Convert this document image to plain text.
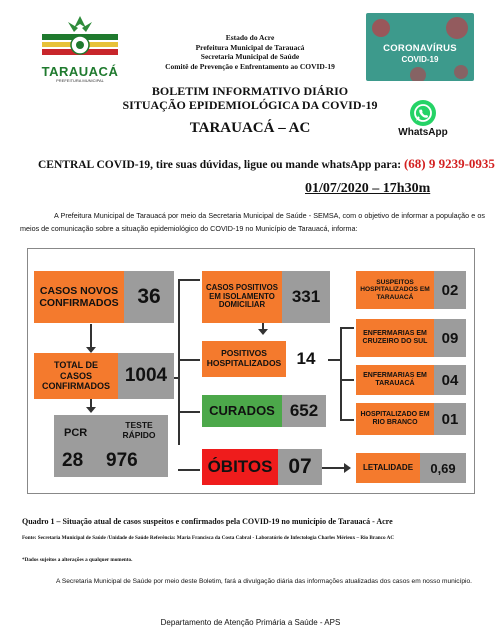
TARAUACÁ
PREFEITURA MUNICIPAL
Estado do Acre
Prefeitura Municipal de Tarauacá
Secretaria Municipal de Saúde
Comitê de Prevenção e Enfrentamento ao COVID-19
CORONAVÍRUS
COVID-19
BOLETIM INFORMATIVO DIÁRIO
SITUAÇÃO EPIDEMIOLÓGICA DA COVID-19
TARAUACÁ – AC	WhatsApp
CENTRAL COVID-19, tire suas dúvidas, ligue ou mande whatsApp para: (68) 9 9239-0935
01/07/2020 – 17h30m
A Prefeitura Municipal de Tarauacá por meio da Secretaria Municipal de Saúde - SEMSA, com o objetivo de informar a população e os meios de comunicação sobre a situação epidemiológico do COVID-19 no Município de Tarauacá, informa:
CASOS NOVOS CONFIRMADOS 36
TOTAL DE CASOS CONFIRMADOS
1004
PCR
TESTE RÁPIDO
28 976
CASOS POSITIVOS EM ISOLAMENTO DOMICILIAR	331
POSITIVOS HOSPITALIZADOS 14
CURADOS 652
ÓBITOS 07
SUSPEITOS HOSPITALIZADOS EM TARAUACÁ	02
ENFERMARIAS EM CRUZEIRO DO SUL 09
ENFERMARIAS EM TARAUACÁ	04
HOSPITALIZADO EM RIO BRANCO	01
LETALIDADE	0,69
Quadro 1 – Situação atual de casos suspeitos e confirmados pela COVID-19 no município de Tarauacá - Acre
Fonte: Secretaria Municipal de Saúde /Unidade de Saúde Referência: Maria Francisca da Costa Cabral - Laboratório de Infectologia Charles Mérieux – Rio Branco AC
*Dados sujeitos a alterações a qualquer momento.
A Secretaria Municipal de Saúde por meio deste Boletim, fará a divulgação diária das informações atualizadas dos casos em nosso município.
Departamento de Atenção Primária a Saúde - APS
